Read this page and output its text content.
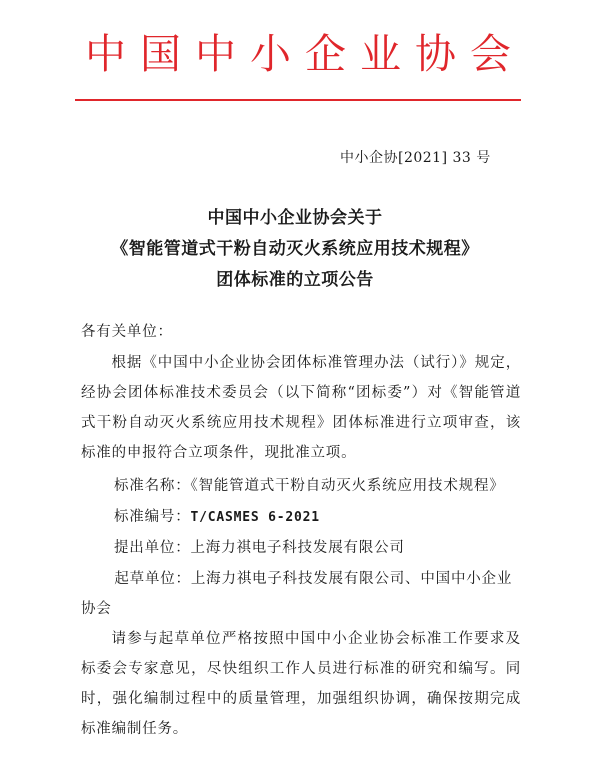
中国中小企业协会
中小企协[2021] 33 号
中国中小企业协会关于
《智能管道式干粉自动灭火系统应用技术规程》
团体标准的立项公告
各有关单位：
根据《中国中小企业协会团体标准管理办法（试行）》规定，经协会团体标准技术委员会（以下简称“团标委”）对《智能管道式干粉自动灭火系统应用技术规程》团体标准进行立项审查，该标准的申报符合立项条件，现批准立项。
标准名称：《智能管道式干粉自动灭火系统应用技术规程》
标准编号：T/CASMES 6-2021
提出单位：上海力祺电子科技发展有限公司
起草单位：上海力祺电子科技发展有限公司、中国中小企业协会
请参与起草单位严格按照中国中小企业协会标准工作要求及标委会专家意见，尽快组织工作人员进行标准的研究和编写。同时，强化编制过程中的质量管理，加强组织协调，确保按期完成标准编制任务。
